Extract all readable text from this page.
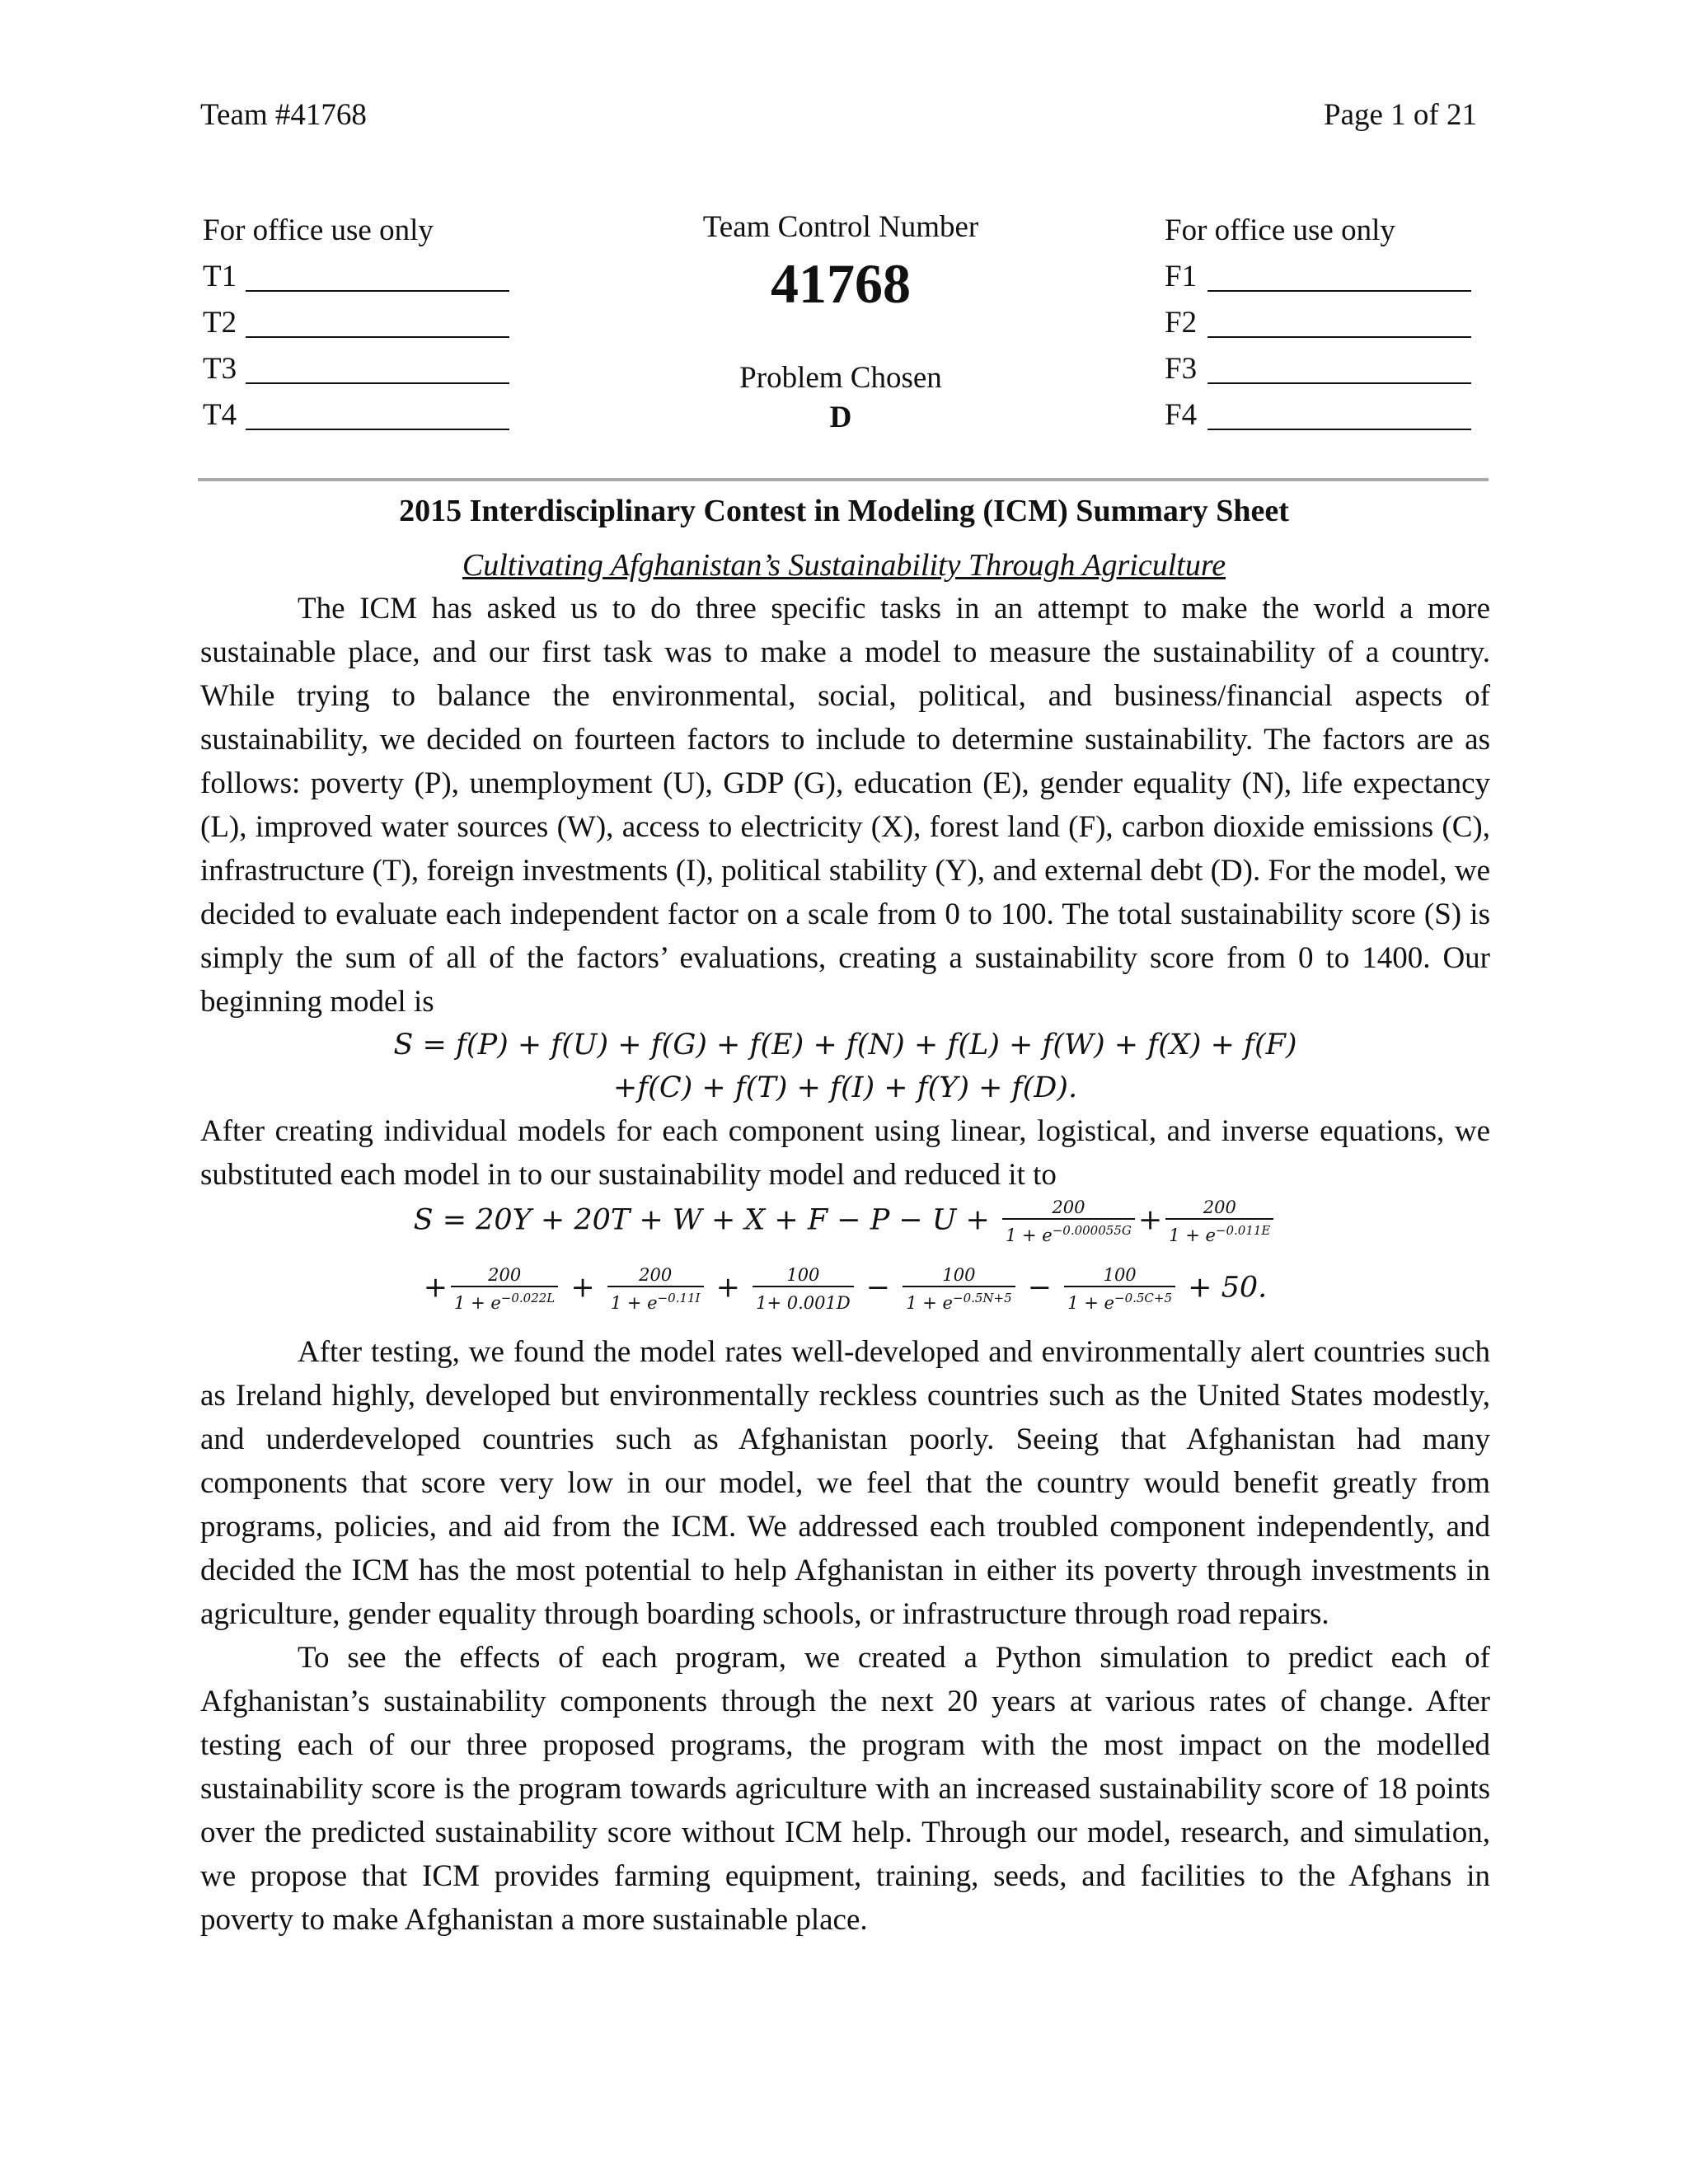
Team #41768	Page 1 of 21
For office use only
T1
T2
T3
T4
Team Control Number
41768
Problem Chosen
D
For office use only
F1
F2
F3
F4
2015 Interdisciplinary Contest in Modeling (ICM) Summary Sheet
Cultivating Afghanistan’s Sustainability Through Agriculture

The ICM has asked us to do three specific tasks in an attempt to make the world a more sustainable place, and our first task was to make a model to measure the sustainability of a country. While trying to balance the environmental, social, political, and business/financial aspects of sustainability, we decided on fourteen factors to include to determine sustainability. The factors are as follows: poverty (P), unemployment (U), GDP (G), education (E), gender equality (N), life expectancy (L), improved water sources (W), access to electricity (X), forest land (F), carbon dioxide emissions (C), infrastructure (T), foreign investments (I), political stability (Y), and external debt (D). For the model, we decided to evaluate each independent factor on a scale from 0 to 100. The total sustainability score (S) is simply the sum of all of the factors’ evaluations, creating a sustainability score from 0 to 1400. Our beginning model is

S = f(P) + f(U) + f(G) + f(E) + f(N) + f(L) + f(W) + f(X) + f(F)
+f(C) + f(T) + f(I) + f(Y) + f(D).

After creating individual models for each component using linear, logistical, and inverse equations, we substituted each model in to our sustainability model and reduced it to

$S = 20Y + 20T + W + X + F - P - U + \frac{200}{1 + e^{-0.000055G}} + \frac{200}{1 + e^{-0.011E}}$
+ $\frac{200}{1 + e^{-0.022L}} + \frac{200}{1 + e^{-0.11I}} + \frac{100}{1+ 0.001D} - \frac{100}{1 + e^{-0.5N+5}} - \frac{100}{1 + e^{-0.5C+5}} + 50$.

After testing, we found the model rates well-developed and environmentally alert countries such as Ireland highly, developed but environmentally reckless countries such as the United States modestly, and underdeveloped countries such as Afghanistan poorly. Seeing that Afghanistan had many components that score very low in our model, we feel that the country would benefit greatly from programs, policies, and aid from the ICM. We addressed each troubled component independently, and decided the ICM has the most potential to help Afghanistan in either its poverty through investments in agriculture, gender equality through boarding schools, or infrastructure through road repairs.

To see the effects of each program, we created a Python simulation to predict each of Afghanistan’s sustainability components through the next 20 years at various rates of change. After testing each of our three proposed programs, the program with the most impact on the modelled sustainability score is the program towards agriculture with an increased sustainability score of 18 points over the predicted sustainability score without ICM help. Through our model, research, and simulation, we propose that ICM provides farming equipment, training, seeds, and facilities to the Afghans in poverty to make Afghanistan a more sustainable place.
